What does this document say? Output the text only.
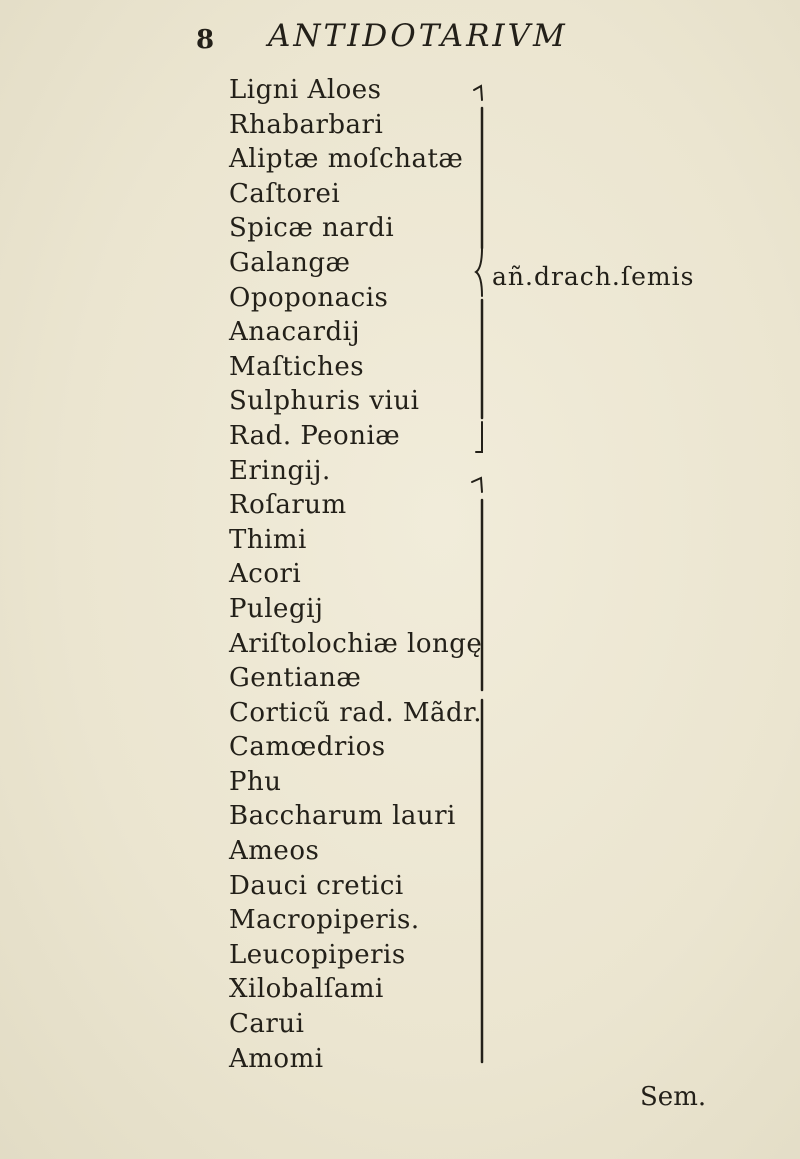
8 ANTIDOTARIVM
Ligni Aloes
Rhabarbari
Aliptæ moſchatæ
Caſtorei
Spicæ nardi
Galangæ
Opoponacis
Anacardij
Maſtiches
Sulphuris viui
Rad. Peoniæ
Eringij.
Roſarum
Thimi
Acori
Pulegij
Ariſtolochiæ longę
Gentianæ
Corticũ rad. Mãdr.
Camœdrios
Phu
Baccharum lauri
Ameos
Dauci cretici
Macropiperis.
Leucopiperis
Xilobalſami
Carui
Amomi
añ.drach.ſemis
Sem.
